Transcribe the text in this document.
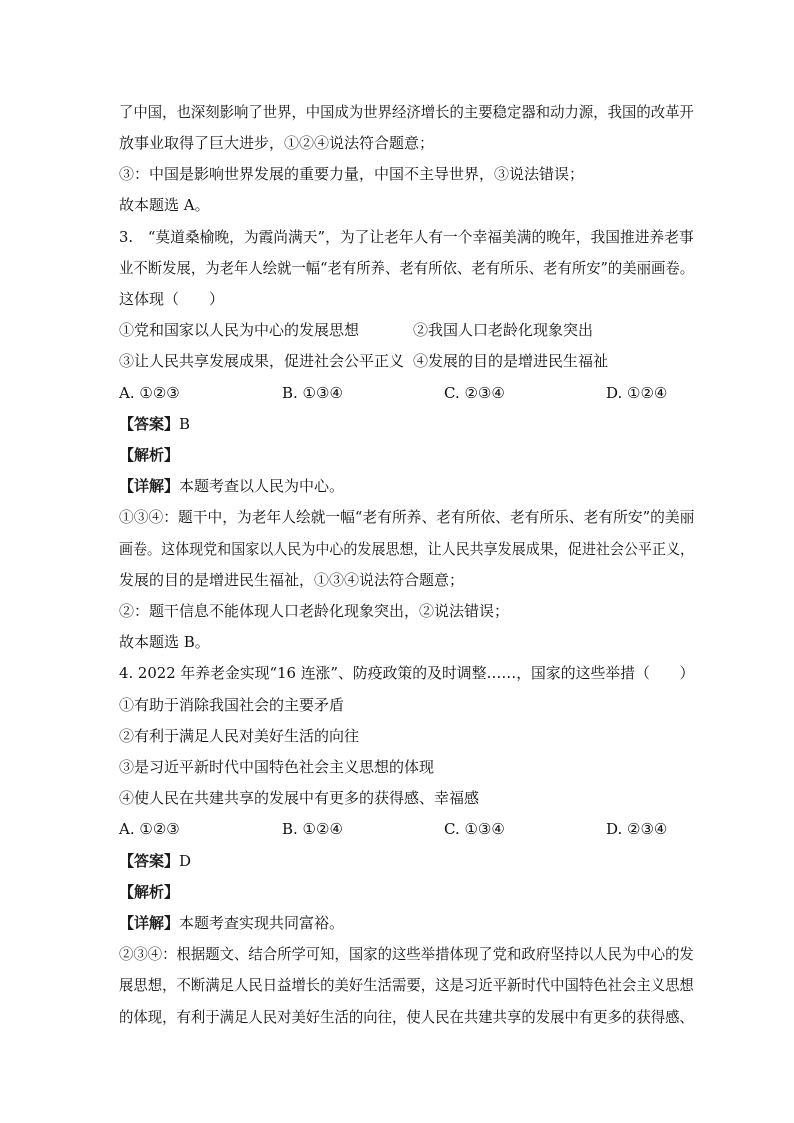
了中国，也深刻影响了世界，中国成为世界经济增长的主要稳定器和动力源，我国的改革开
放事业取得了巨大进步，①②④说法符合题意；
③：中国是影响世界发展的重要力量，中国不主导世界，③说法错误；
故本题选 A。
3.　“莫道桑榆晚，为霞尚满天”，为了让老年人有一个幸福美满的晚年，我国推进养老事
业不断发展，为老年人绘就一幅“老有所养、老有所依、老有所乐、老有所安”的美丽画卷。
这体现（　　）
①党和国家以人民为中心的发展思想	②我国人口老龄化现象突出
③让人民共享发展成果，促进社会公平正义 ④发展的目的是增进民生福祉
A. ①②③	B. ①③④	C. ②③④	D. ①②④
【答案】B
【解析】
【详解】本题考查以人民为中心。
①③④：题干中，为老年人绘就一幅“老有所养、老有所依、老有所乐、老有所安”的美丽
画卷。这体现党和国家以人民为中心的发展思想，让人民共享发展成果，促进社会公平正义，
发展的目的是增进民生福祉，①③④说法符合题意；
②：题干信息不能体现人口老龄化现象突出，②说法错误；
故本题选 B。
4. 2022 年养老金实现“16 连涨”、防疫政策的及时调整……，国家的这些举措（　　）
①有助于消除我国社会的主要矛盾
②有利于满足人民对美好生活的向往
③是习近平新时代中国特色社会主义思想的体现
④使人民在共建共享的发展中有更多的获得感、幸福感
A. ①②③	B. ①②④	C. ①③④	D. ②③④
【答案】D
【解析】
【详解】本题考查实现共同富裕。
②③④：根据题文、结合所学可知，国家的这些举措体现了党和政府坚持以人民为中心的发
展思想，不断满足人民日益增长的美好生活需要，这是习近平新时代中国特色社会主义思想
的体现，有利于满足人民对美好生活的向往，使人民在共建共享的发展中有更多的获得感、
